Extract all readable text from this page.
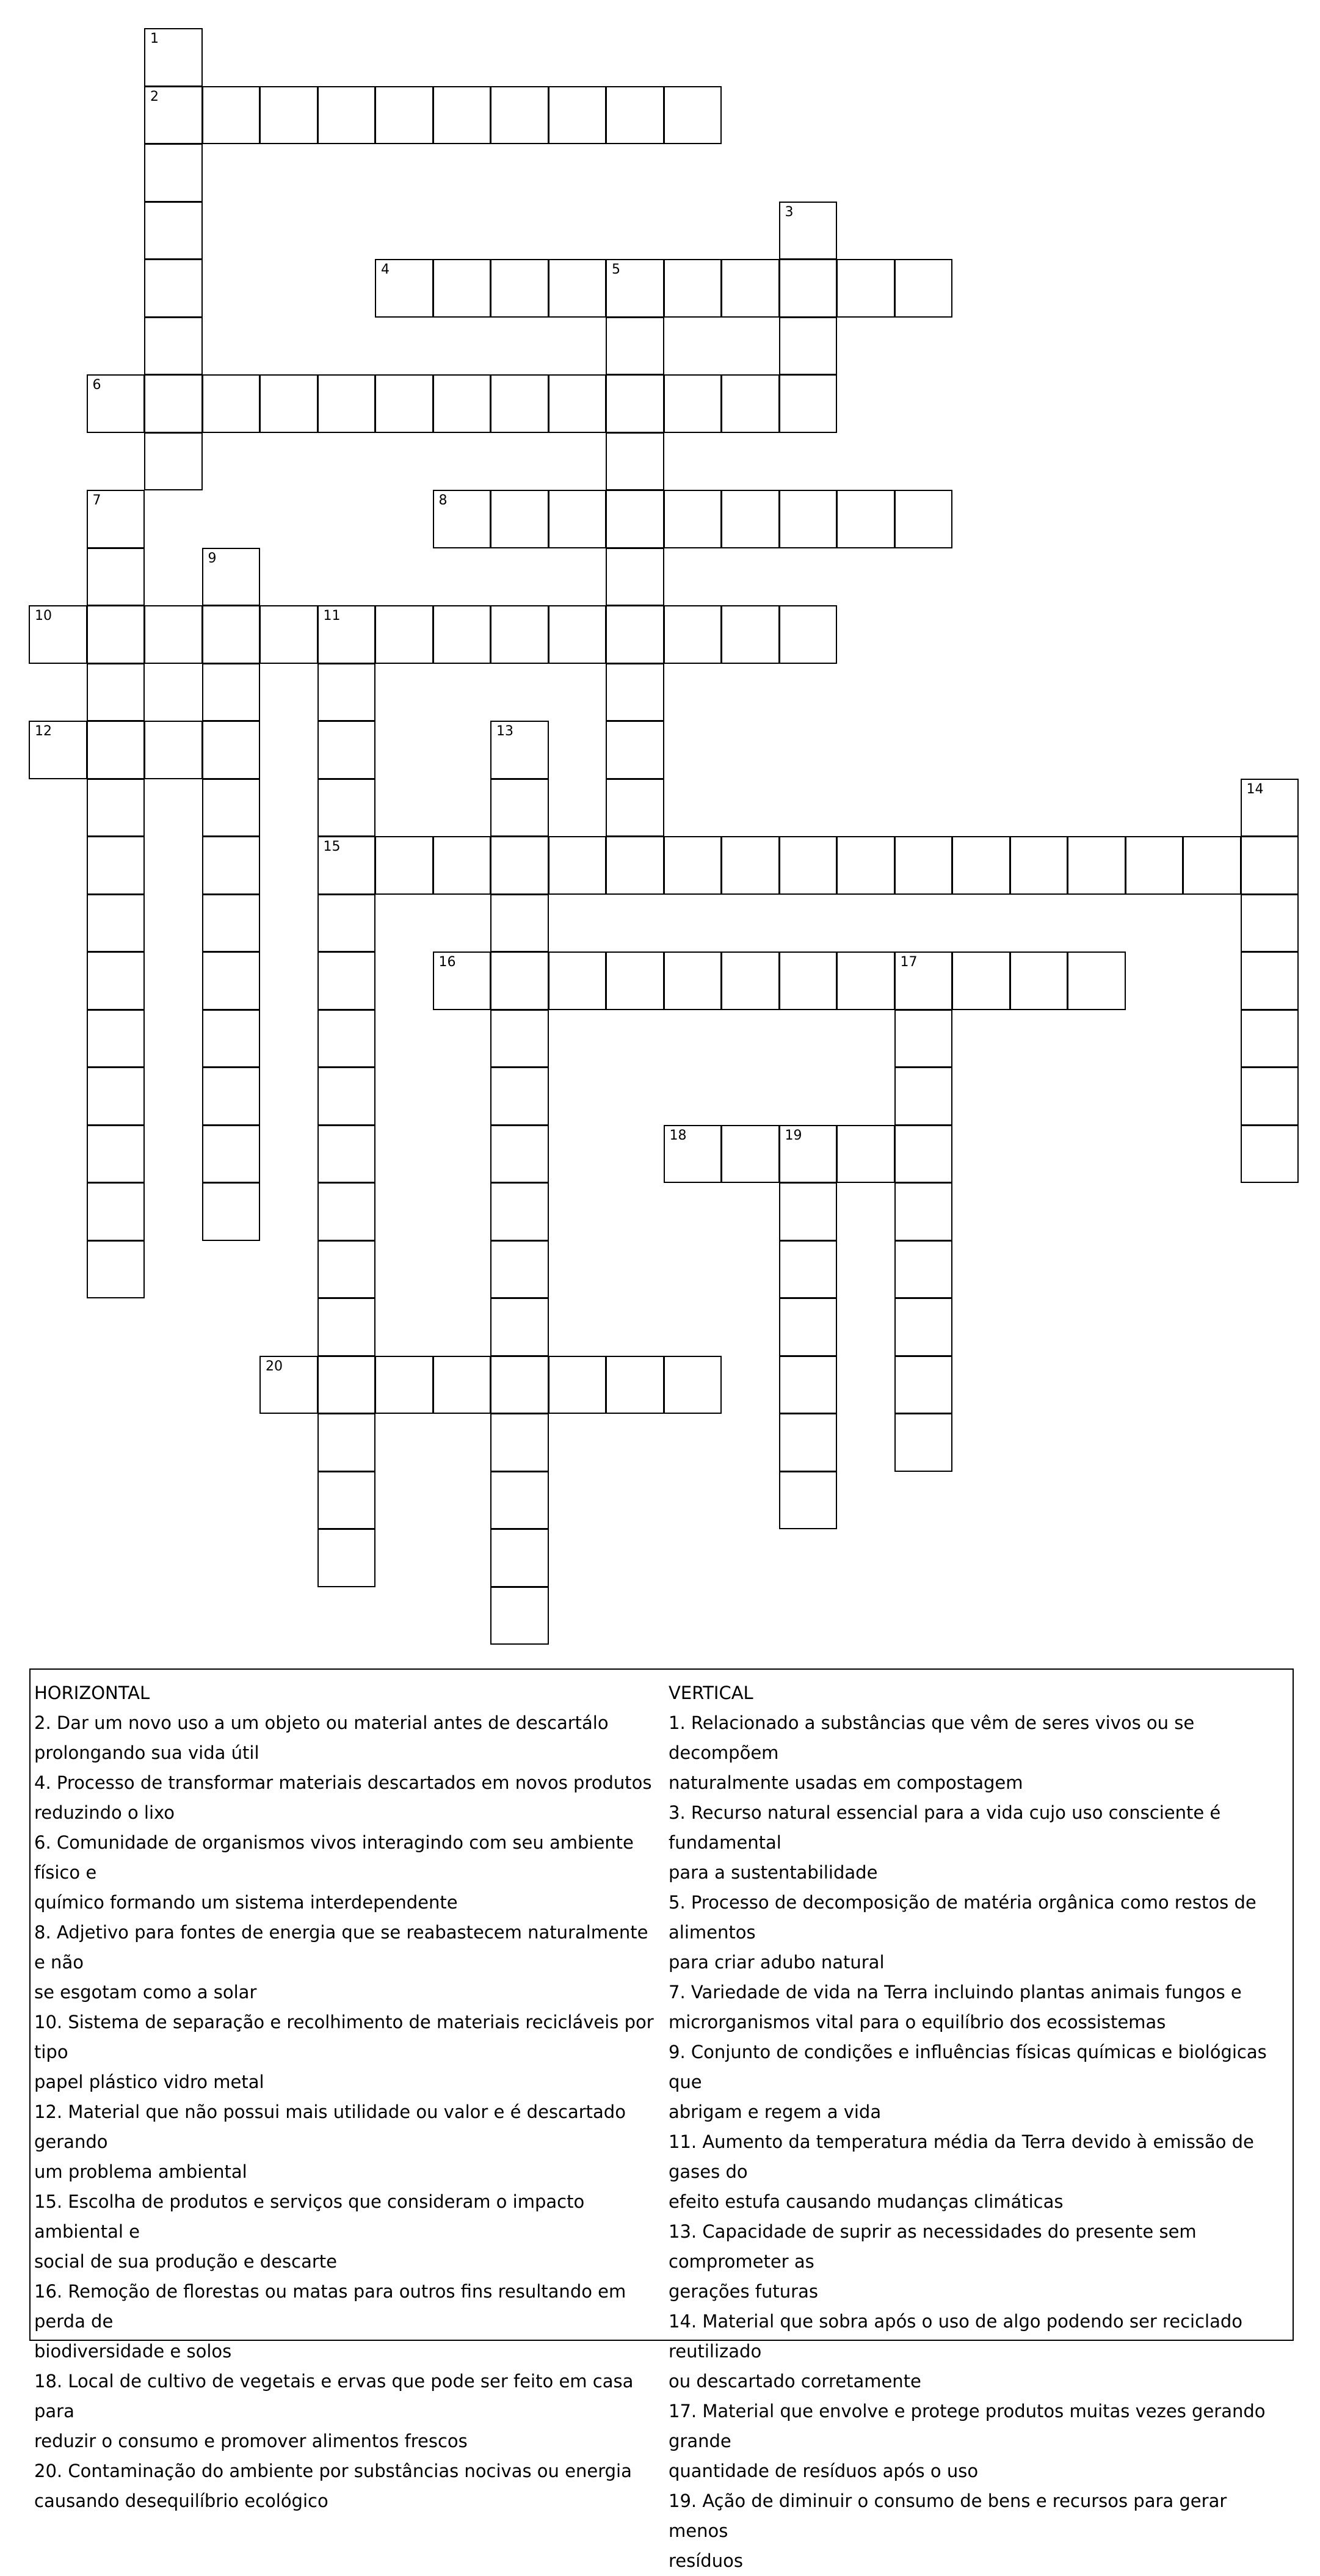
1
2
3
4	5
6
7	8
9
10	11
15
12	13
14
16	17
18	19
20
HORIZONTAL
2. Dar um novo uso a um objeto ou material antes de descartálo
prolongando sua vida útil
4. Processo de transformar materiais descartados em novos produtos
reduzindo o lixo
6. Comunidade de organismos vivos interagindo com seu ambiente físico e
químico formando um sistema interdependente
8. Adjetivo para fontes de energia que se reabastecem naturalmente e não
se esgotam como a solar
10. Sistema de separação e recolhimento de materiais recicláveis por tipo
papel plástico vidro metal
12. Material que não possui mais utilidade ou valor e é descartado gerando
um problema ambiental
15. Escolha de produtos e serviços que consideram o impacto ambiental e
social de sua produção e descarte
16. Remoção de florestas ou matas para outros fins resultando em perda de
biodiversidade e solos
18. Local de cultivo de vegetais e ervas que pode ser feito em casa para
reduzir o consumo e promover alimentos frescos
20. Contaminação do ambiente por substâncias nocivas ou energia
causando desequilíbrio ecológico
VERTICAL
1. Relacionado a substâncias que vêm de seres vivos ou se decompõem
naturalmente usadas em compostagem
3. Recurso natural essencial para a vida cujo uso consciente é fundamental
para a sustentabilidade
5. Processo de decomposição de matéria orgânica como restos de alimentos
para criar adubo natural
7. Variedade de vida na Terra incluindo plantas animais fungos e
microrganismos vital para o equilíbrio dos ecossistemas
9. Conjunto de condições e influências físicas químicas e biológicas que
abrigam e regem a vida
11. Aumento da temperatura média da Terra devido à emissão de gases do
efeito estufa causando mudanças climáticas
13. Capacidade de suprir as necessidades do presente sem comprometer as
gerações futuras
14. Material que sobra após o uso de algo podendo ser reciclado reutilizado
ou descartado corretamente
17. Material que envolve e protege produtos muitas vezes gerando grande
quantidade de resíduos após o uso
19. Ação de diminuir o consumo de bens e recursos para gerar menos
resíduos
